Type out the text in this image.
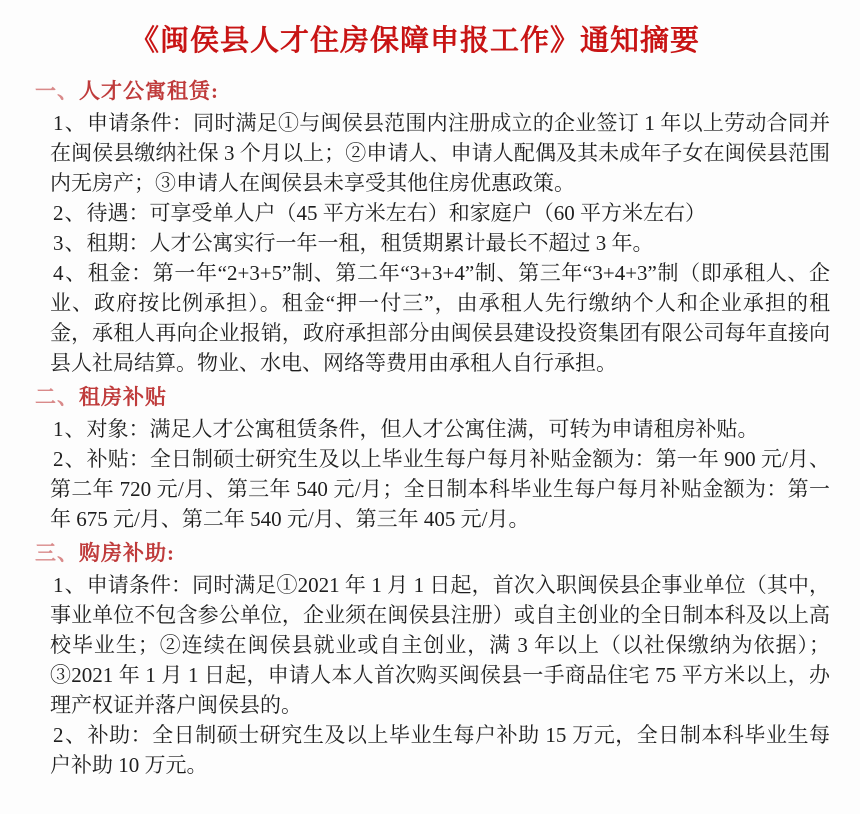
《闽侯县人才住房保障申报工作》通知摘要
一、人才公寓租赁:

1、申请条件：同时满足①与闽侯县范围内注册成立的企业签订 1 年以上劳动合同并在闽侯县缴纳社保 3 个月以上；②申请人、申请人配偶及其未成年子女在闽侯县范围内无房产；③申请人在闽侯县未享受其他住房优惠政策。

2、待遇：可享受单人户（45 平方米左右）和家庭户（60 平方米左右）

3、租期：人才公寓实行一年一租，租赁期累计最长不超过 3 年。

4、租金：第一年“2+3+5”制、第二年“3+3+4”制、第三年“3+4+3”制（即承租人、企业、政府按比例承担）。租金“押一付三”，由承租人先行缴纳个人和企业承担的租金，承租人再向企业报销，政府承担部分由闽侯县建设投资集团有限公司每年直接向县人社局结算。物业、水电、网络等费用由承租人自行承担。

二、租房补贴

1、对象：满足人才公寓租赁条件，但人才公寓住满，可转为申请租房补贴。

2、补贴：全日制硕士研究生及以上毕业生每户每月补贴金额为：第一年 900 元/月、第二年 720 元/月、第三年 540 元/月；全日制本科毕业生每户每月补贴金额为：第一年 675 元/月、第二年 540 元/月、第三年 405 元/月。

三、购房补助:

1、申请条件：同时满足①2021 年 1 月 1 日起，首次入职闽侯县企事业单位（其中，事业单位不包含参公单位，企业须在闽侯县注册）或自主创业的全日制本科及以上高校毕业生；②连续在闽侯县就业或自主创业，满 3 年以上（以社保缴纳为依据）；③2021 年 1 月 1 日起，申请人本人首次购买闽侯县一手商品住宅 75 平方米以上，办理产权证并落户闽侯县的。

2、补助：全日制硕士研究生及以上毕业生每户补助 15 万元，全日制本科毕业生每户补助 10 万元。
